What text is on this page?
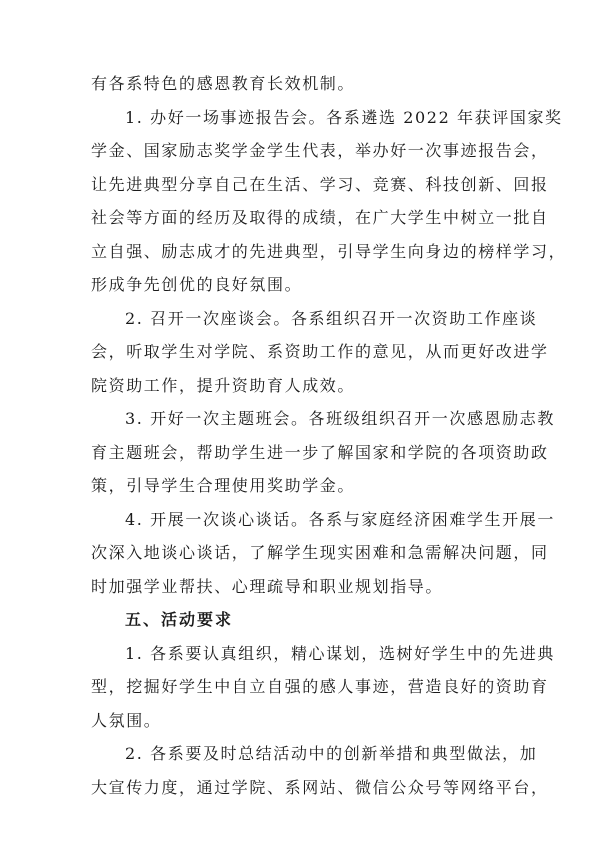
有各系特色的感恩教育长效机制。
1. 办好一场事迹报告会。各系遴选 2022 年获评国家奖
学金、国家励志奖学金学生代表，举办好一次事迹报告会，
让先进典型分享自己在生活、学习、竞赛、科技创新、回报
社会等方面的经历及取得的成绩，在广大学生中树立一批自
立自强、励志成才的先进典型，引导学生向身边的榜样学习，
形成争先创优的良好氛围。
2. 召开一次座谈会。各系组织召开一次资助工作座谈
会，听取学生对学院、系资助工作的意见，从而更好改进学
院资助工作，提升资助育人成效。
3. 开好一次主题班会。各班级组织召开一次感恩励志教
育主题班会，帮助学生进一步了解国家和学院的各项资助政
策，引导学生合理使用奖助学金。
4. 开展一次谈心谈话。各系与家庭经济困难学生开展一
次深入地谈心谈话，了解学生现实困难和急需解决问题，同
时加强学业帮扶、心理疏导和职业规划指导。
五、活动要求
1. 各系要认真组织，精心谋划，选树好学生中的先进典
型，挖掘好学生中自立自强的感人事迹，营造良好的资助育
人氛围。
2. 各系要及时总结活动中的创新举措和典型做法，加
大宣传力度，通过学院、系网站、微信公众号等网络平台，
